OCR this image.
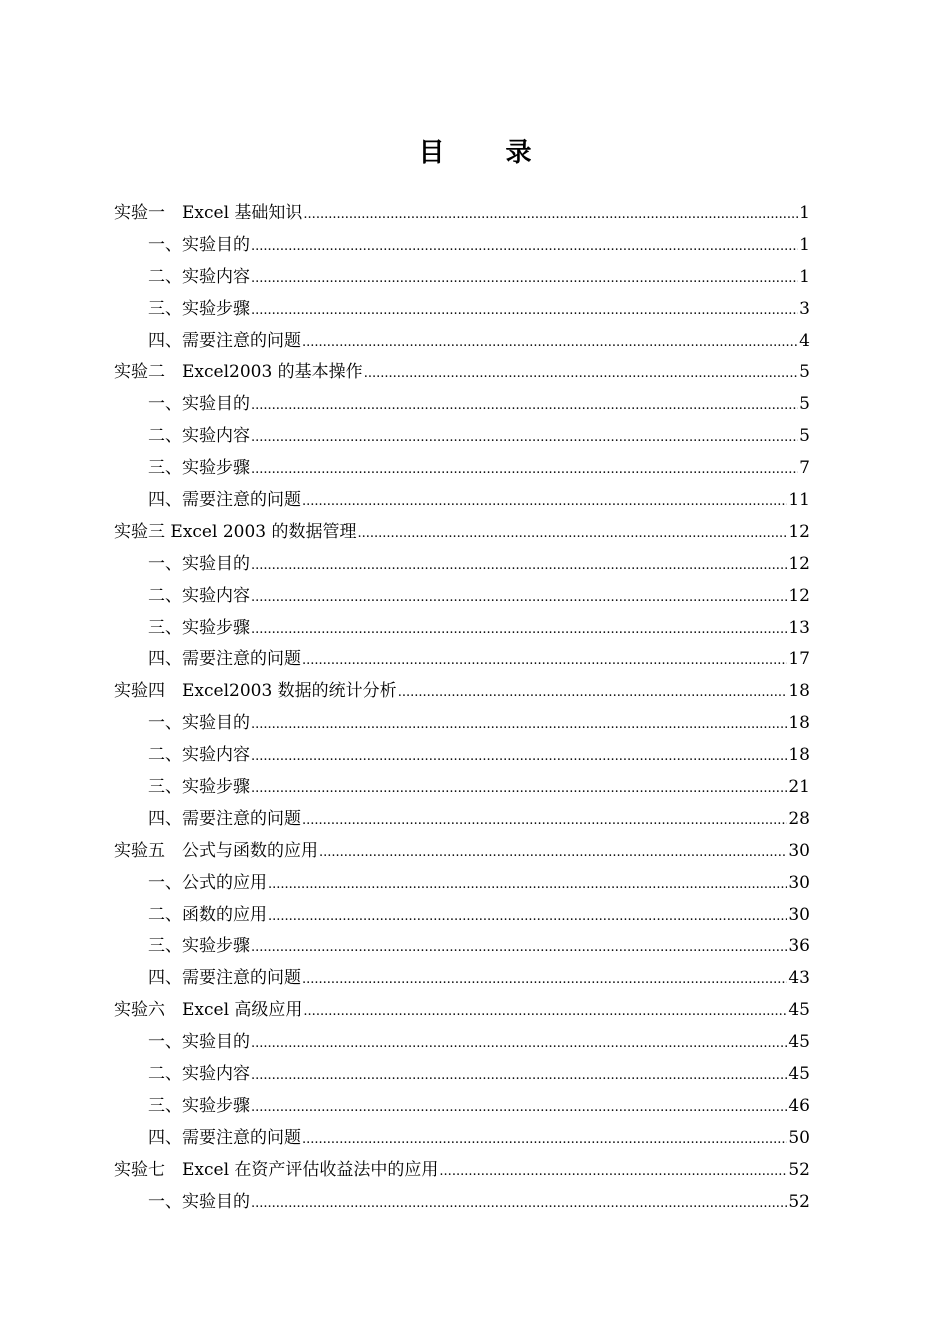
目 录
实验一　Excel 基础知识 .....	1
一、实验目的 .....	1
二、实验内容 .....	1
三、实验步骤 .....	3
四、需要注意的问题 .....	4
实验二　Excel2003 的基本操作 .....	5
一、实验目的 .....	5
二、实验内容 .....	5
三、实验步骤 .....	7
四、需要注意的问题 .....	11
实验三 Excel 2003 的数据管理 .....	12
一、实验目的 .....	12
二、实验内容 .....	12
三、实验步骤 .....	13
四、需要注意的问题 .....	17
实验四　Excel2003 数据的统计分析 .....	18
一、实验目的 .....	18
二、实验内容 .....	18
三、实验步骤 .....	21
四、需要注意的问题 .....	28
实验五　公式与函数的应用 .....	30
一、公式的应用 .....	30
二、函数的应用 .....	30
三、实验步骤 .....	36
四、需要注意的问题 .....	43
实验六　Excel 高级应用 .....	45
一、实验目的 .....	45
二、实验内容 .....	45
三、实验步骤 .....	46
四、需要注意的问题 .....	50
实验七　Excel 在资产评估收益法中的应用 .....	52
一、实验目的 .....	52
